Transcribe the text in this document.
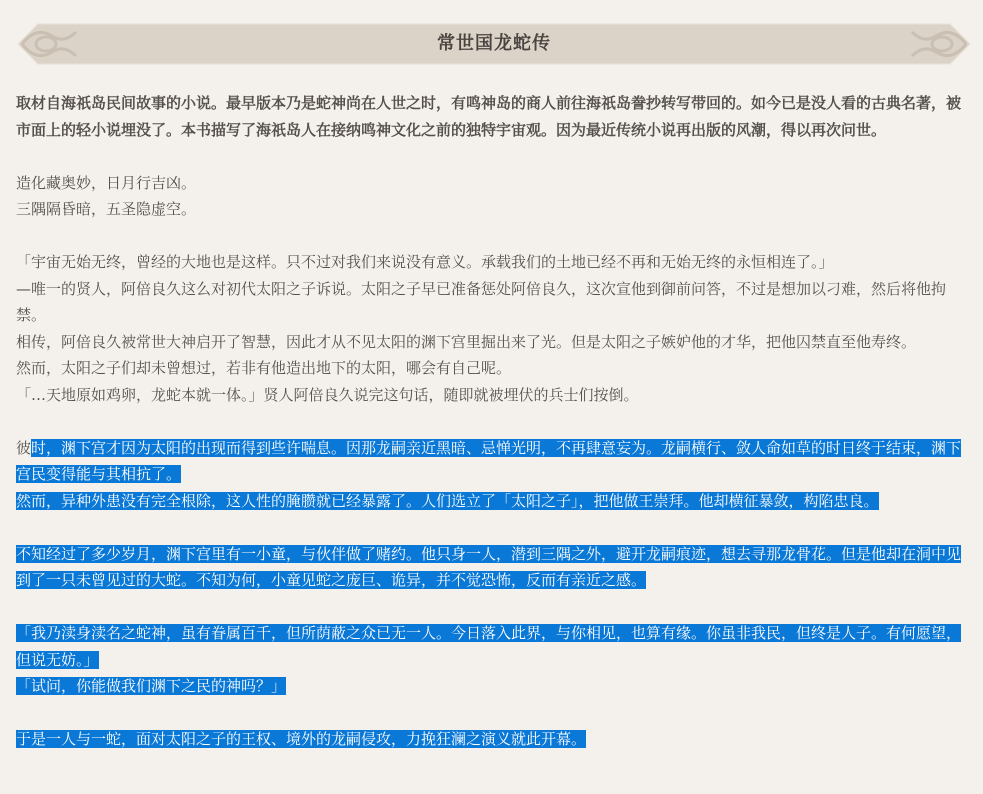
常世国龙蛇传

取材自海祇岛民间故事的小说。最早版本乃是蛇神尚在人世之时，有鸣神岛的商人前往海祇岛誊抄转写带回的。如今已是没人看的古典名著，被市面上的轻小说埋没了。本书描写了海祇岛人在接纳鸣神文化之前的独特宇宙观。因为最近传统小说再出版的风潮，得以再次问世。

造化藏奥妙，日月行吉凶。

三隅隔昏暗，五圣隐虚空。

「宇宙无始无终，曾经的大地也是这样。只不过对我们来说没有意义。承载我们的土地已经不再和无始无终的永恒相连了。」

—唯一的贤人，阿倍良久这么对初代太阳之子诉说。太阳之子早已准备惩处阿倍良久，这次宣他到御前问答，不过是想加以刁难，然后将他拘禁。

相传，阿倍良久被常世大神启开了智慧，因此才从不见太阳的渊下宫里掘出来了光。但是太阳之子嫉妒他的才华，把他囚禁直至他寿终。

然而，太阳之子们却未曾想过，若非有他造出地下的太阳，哪会有自己呢。

「…天地原如鸡卵，龙蛇本就一体。」贤人阿倍良久说完这句话，随即就被埋伏的兵士们按倒。

彼时，渊下宫才因为太阳的出现而得到些许喘息。因那龙嗣亲近黑暗、忌惮光明，不再肆意妄为。龙嗣横行、敛人命如草的时日终于结束，渊下宫民变得能与其相抗了。

然而，异种外患没有完全根除，这人性的腌臜就已经暴露了。人们选立了「太阳之子」，把他做王崇拜。他却横征暴敛，构陷忠良。

不知经过了多少岁月，渊下宫里有一小童，与伙伴做了赌约。他只身一人，潜到三隅之外，避开龙嗣痕迹，想去寻那龙骨花。但是他却在洞中见到了一只未曾见过的大蛇。不知为何，小童见蛇之庞巨、诡异，并不觉恐怖，反而有亲近之感。

「我乃渎身渎名之蛇神，虽有眷属百千，但所荫蔽之众已无一人。今日落入此界，与你相见，也算有缘。你虽非我民，但终是人子。有何愿望，但说无妨。」

「试问，你能做我们渊下之民的神吗？」

于是一人与一蛇，面对太阳之子的王权、境外的龙嗣侵攻，力挽狂澜之演义就此开幕。
